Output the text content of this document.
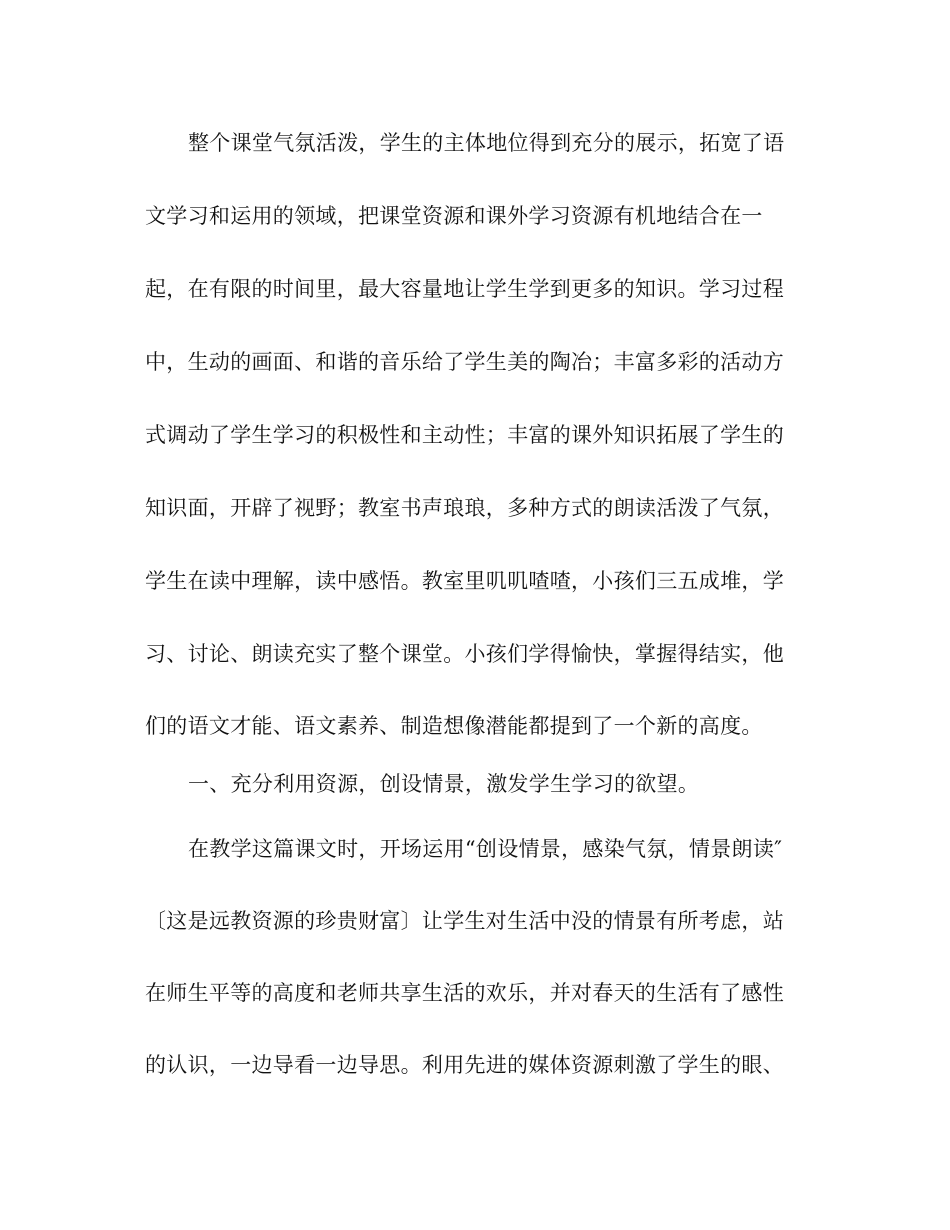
整个课堂气氛活泼，学生的主体地位得到充分的展示，拓宽了语
文学习和运用的领域，把课堂资源和课外学习资源有机地结合在一
起，在有限的时间里，最大容量地让学生学到更多的知识。学习过程
中，生动的画面、和谐的音乐给了学生美的陶冶；丰富多彩的活动方
式调动了学生学习的积极性和主动性；丰富的课外知识拓展了学生的
知识面，开辟了视野；教室书声琅琅，多种方式的朗读活泼了气氛，
学生在读中理解，读中感悟。教室里叽叽喳喳，小孩们三五成堆，学
习、讨论、朗读充实了整个课堂。小孩们学得愉快，掌握得结实，他
们的语文才能、语文素养、制造想像潜能都提到了一个新的高度。
一、充分利用资源，创设情景，激发学生学习的欲望。
在教学这篇课文时，开场运用“创设情景，感染气氛，情景朗读″
〔这是远教资源的珍贵财富〕让学生对生活中没的情景有所考虑，站
在师生平等的高度和老师共享生活的欢乐，并对春天的生活有了感性
的认识，一边导看一边导思。利用先进的媒体资源刺激了学生的眼、
